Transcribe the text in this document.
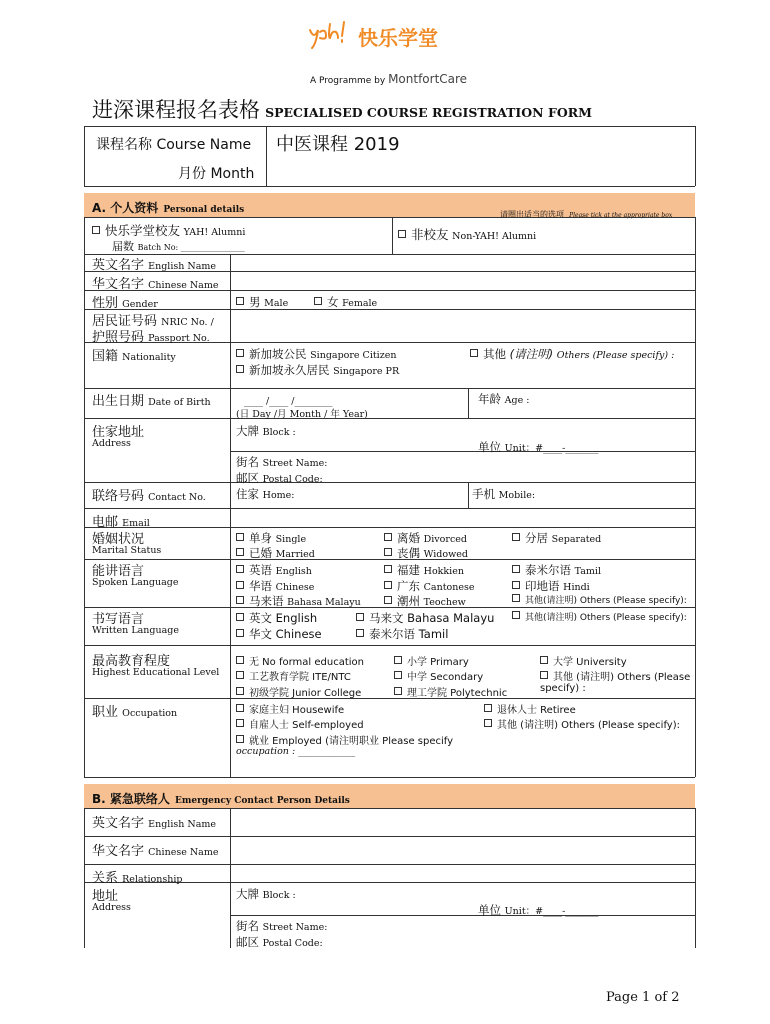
快乐学堂
A Programme by MontfortCare
进深课程报名表格 SPECIALISED COURSE REGISTRATION FORM
课程名称 Course Name 中医课程 2019
月份 Month
A. 个人资料 Personal details	请圈出适当的选项 Please tick at the appropriate box
快乐学堂校友 YAH! Alumni
届数 Batch No: ________________
非校友 Non-YAH! Alumni
英文名字 English Name
华文名字 Chinese Name
性别 Gender	男 Male	女 Female
居民证号码 NRIC No. /
护照号码 Passport No.
国籍 Nationality	新加坡公民 Singapore Citizen
新加坡永久居民 Singapore PR
其他 (请注明) Others (Please specify) :
出生日期 Date of Birth	____ /____ /________
(日 Day /月 Month / 年 Year)
年龄 Age :
住家地址
Address
大牌 Block :
单位 Unit：#____-_______
街名 Street Name:
邮区 Postal Code:
联络号码 Contact No.	住家 Home:	手机 Mobile:
电邮 Email
婚姻状况
Marital Status
单身 Single	离婚 Divorced	分居 Separated
已婚 Married	丧偶 Widowed
能讲语言
Spoken Language
英语 English	福建 Hokkien	泰米尔语 Tamil
华语 Chinese	广东 Cantonese	印地语 Hindi
马来语 Bahasa Malayu	潮州 Teochew	其他(请注明) Others (Please specify):
书写语言
Written Language
英文 English	马来文 Bahasa Malayu	其他(请注明) Others (Please specify):
华文 Chinese	泰米尔语 Tamil
最高教育程度
Highest Educational Level
无 No formal education	小学 Primary	大学 University
工艺教育学院 ITE/NTC	中学 Secondary	其他 (请注明) Others (Please
specify) :
初级学院 Junior College	理工学院 Polytechnic
职业 Occupation	家庭主妇 Housewife	退休人士 Retiree
自雇人士 Self-employed	其他 (请注明) Others (Please specify):
就业 Employed (请注明职业 Please specify
occupation : ____________
B. 紧急联络人 Emergency Contact Person Details
英文名字 English Name
华文名字 Chinese Name
关系 Relationship
地址
Address
大牌 Block :
单位 Unit：#____-_______
街名 Street Name:
邮区 Postal Code:
Page 1 of 2
